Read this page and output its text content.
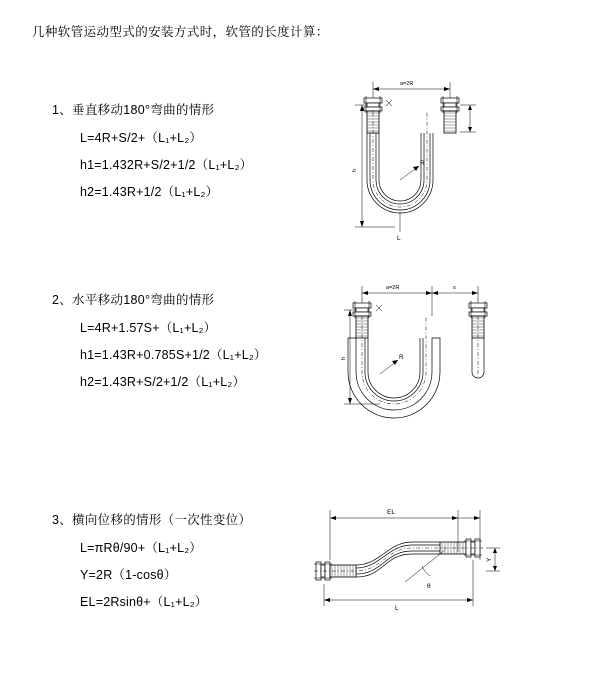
几种软管运动型式的安装方式时，软管的长度计算：
1、垂直移动180°弯曲的情形
L=4R+S/2+（L₁+L₂）
h1=1.432R+S/2+1/2（L₁+L₂）
h2=1.43R+1/2（L₁+L₂）
a=2R
h
R
L
2、水平移动180°弯曲的情形
L=4R+1.57S+（L₁+L₂）
h1=1.43R+0.785S+1/2（L₁+L₂）
h2=1.43R+S/2+1/2（L₁+L₂）
a=2R	s
h	R
3、横向位移的情形（一次性变位）
L=πRθ/90+（L₁+L₂）
Y=2R（1-cosθ）
EL=2Rsinθ+（L₁+L₂）
EL
Y
θ
L
